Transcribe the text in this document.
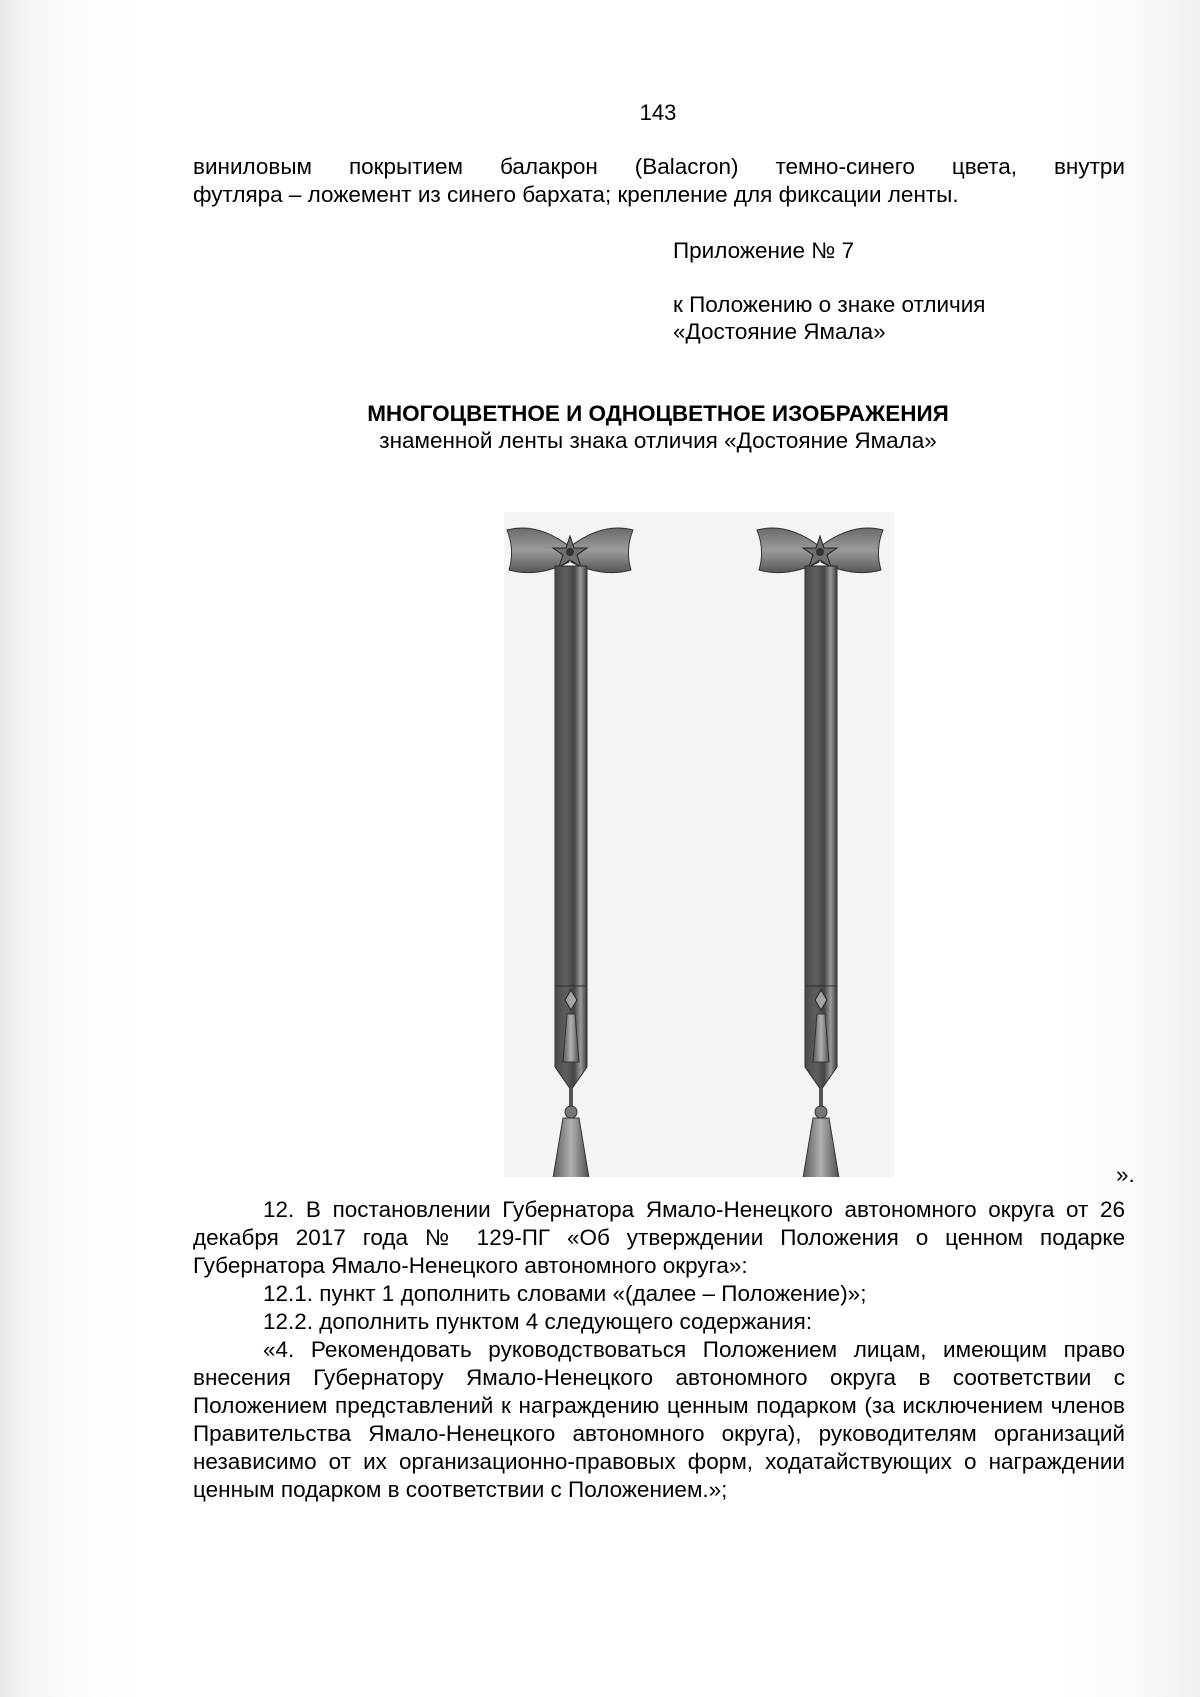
143
виниловым покрытием балакрон (Balacron) темно-синего цвета, внутри
футляра – ложемент из синего бархата; крепление для фиксации ленты.
Приложение № 7
к Положению о знаке отличия
«Достояние Ямала»
МНОГОЦВЕТНОЕ И ОДНОЦВЕТНОЕ ИЗОБРАЖЕНИЯ
знаменной ленты знака отличия «Достояние Ямала»
».

12. В постановлении Губернатора Ямало-Ненецкого автономного округа от 26 декабря 2017 года № 129-ПГ «Об утверждении Положения о ценном подарке Губернатора Ямало-Ненецкого автономного округа»:

12.1. пункт 1 дополнить словами «(далее – Положение)»;

12.2. дополнить пунктом 4 следующего содержания:

«4. Рекомендовать руководствоваться Положением лицам, имеющим право внесения Губернатору Ямало-Ненецкого автономного округа в соответствии с Положением представлений к награждению ценным подарком (за исключением членов Правительства Ямало-Ненецкого автономного округа), руководителям организаций независимо от их организационно-правовых форм, ходатайствующих о награждении ценным подарком в соответствии с Положением.»;
